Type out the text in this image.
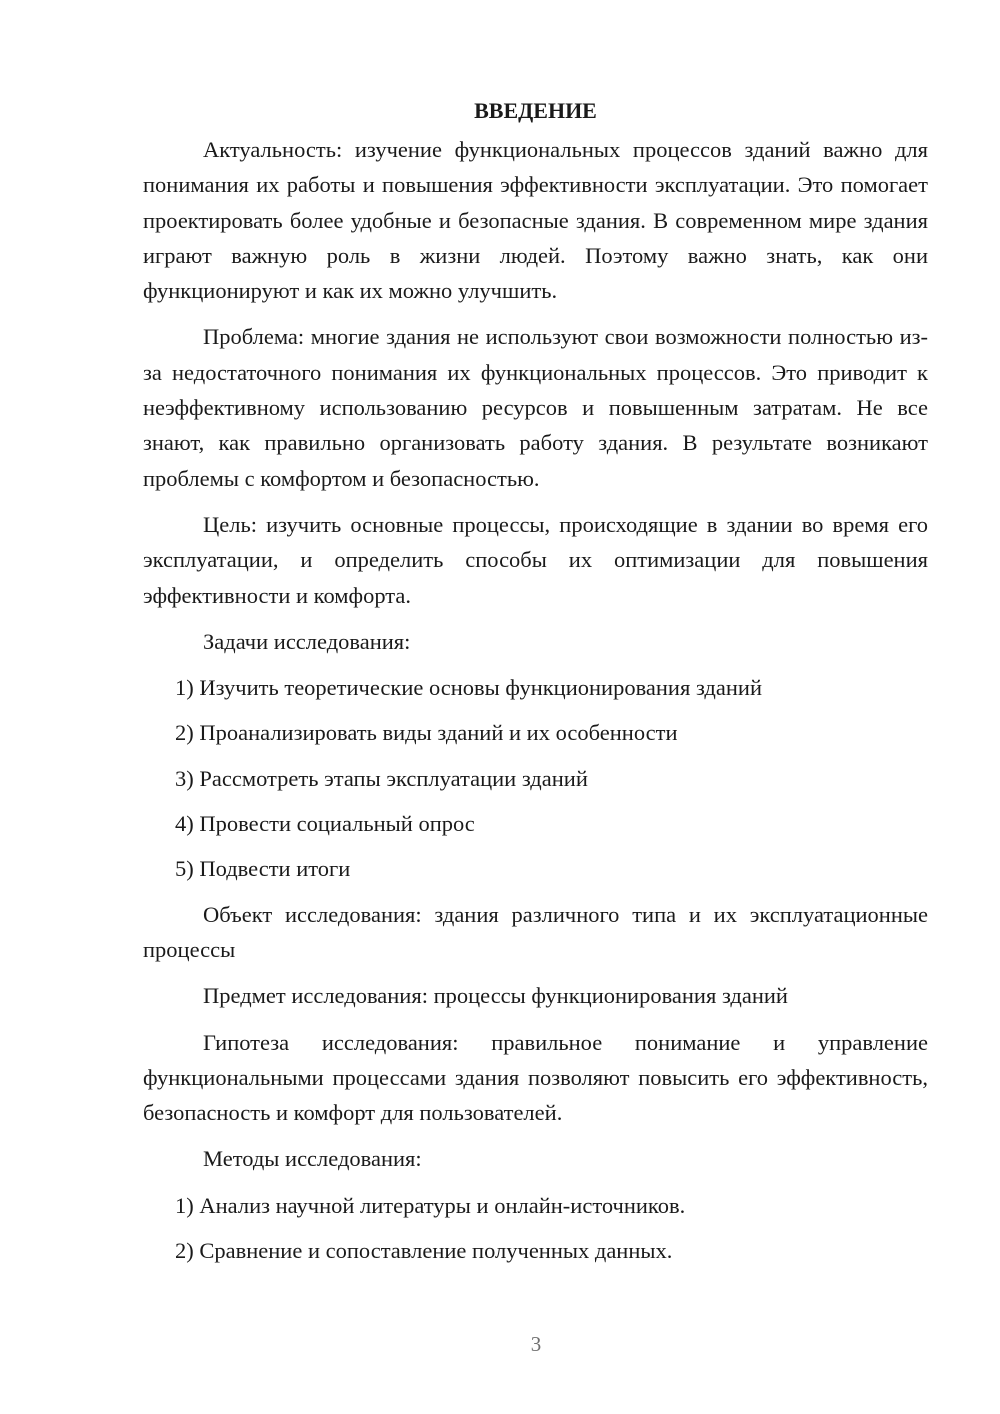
ВВЕДЕНИЕ

Актуальность: изучение функциональных процессов зданий важно для понимания их работы и повышения эффективности эксплуатации. Это помогает проектировать более удобные и безопасные здания. В современном мире здания играют важную роль в жизни людей. Поэтому важно знать, как они функционируют и как их можно улучшить.

Проблема: многие здания не используют свои возможности полностью из-за недостаточного понимания их функциональных процессов. Это приводит к неэффективному использованию ресурсов и повышенным затратам. Не все знают, как правильно организовать работу здания. В результате возникают проблемы с комфортом и безопасностью.

Цель: изучить основные процессы, происходящие в здании во время его эксплуатации, и определить способы их оптимизации для повышения эффективности и комфорта.

Задачи исследования:

1) Изучить теоретические основы функционирования зданий
2) Проанализировать виды зданий и их особенности
3) Рассмотреть этапы эксплуатации зданий
4) Провести социальный опрос
5) Подвести итоги

Объект исследования: здания различного типа и их эксплуатационные процессы

Предмет исследования: процессы функционирования зданий

Гипотеза исследования: правильное понимание и управление функциональными процессами здания позволяют повысить его эффективность, безопасность и комфорт для пользователей.

Методы исследования:

1) Анализ научной литературы и онлайн-источников.
2) Сравнение и сопоставление полученных данных.
3
